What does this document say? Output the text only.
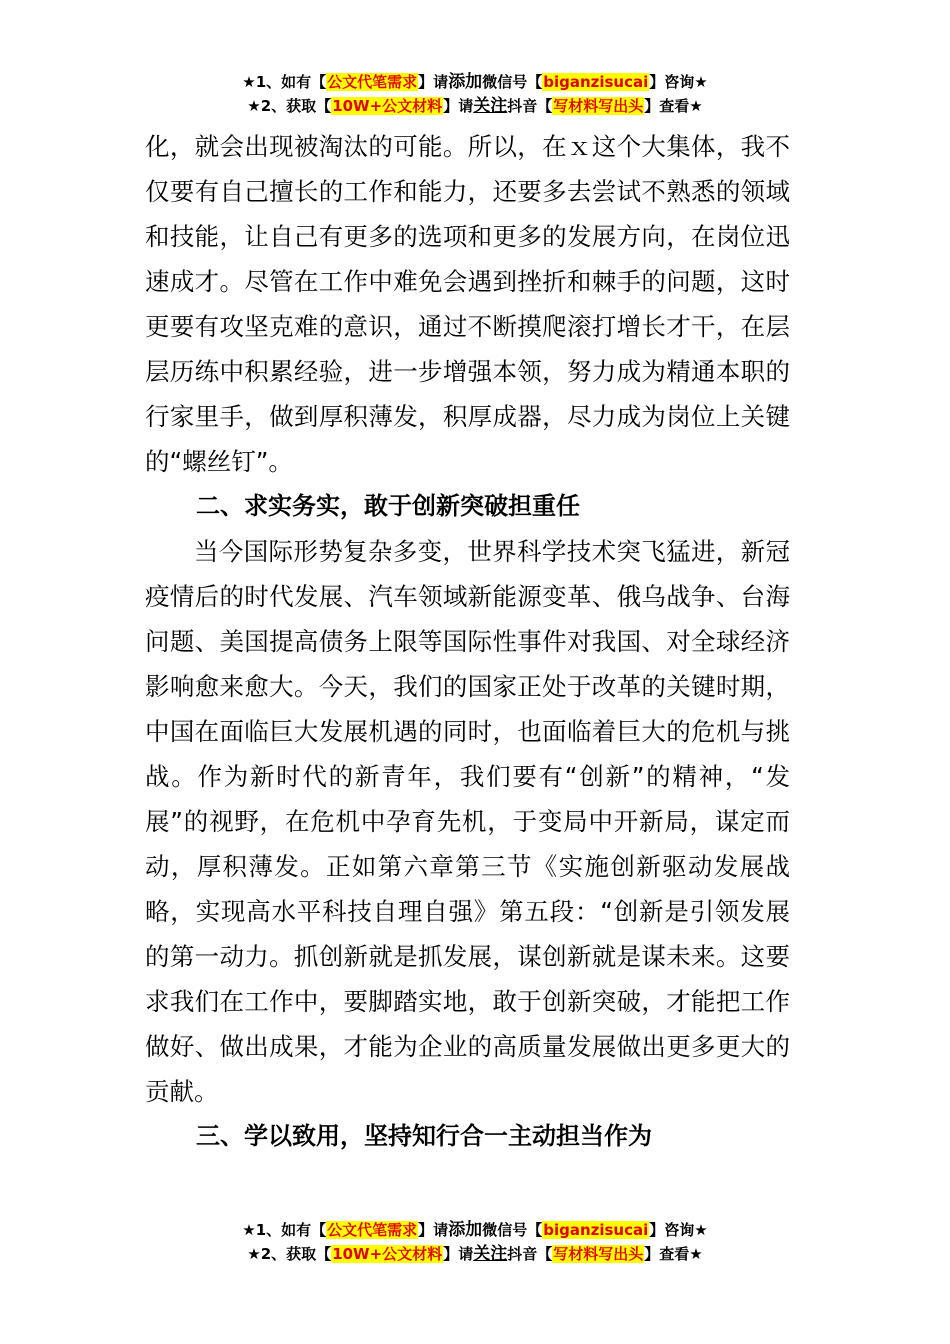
★1、如有【公文代笔需求】请添加微信号【biganzisucai】咨询★
★2、获取【10W+公文材料】请关注抖音【写材料写出头】查看★

化，就会出现被淘汰的可能。所以，在ｘ这个大集体，我不仅要有自己擅长的工作和能力，还要多去尝试不熟悉的领域和技能，让自己有更多的选项和更多的发展方向，在岗位迅速成才。尽管在工作中难免会遇到挫折和棘手的问题，这时更要有攻坚克难的意识，通过不断摸爬滚打增长才干，在层层历练中积累经验，进一步增强本领，努力成为精通本职的行家里手，做到厚积薄发，积厚成器，尽力成为岗位上关键的“螺丝钉”。

二、求实务实，敢于创新突破担重任

当今国际形势复杂多变，世界科学技术突飞猛进，新冠疫情后的时代发展、汽车领域新能源变革、俄乌战争、台海问题、美国提高债务上限等国际性事件对我国、对全球经济影响愈来愈大。今天，我们的国家正处于改革的关键时期，中国在面临巨大发展机遇的同时，也面临着巨大的危机与挑战。作为新时代的新青年，我们要有“创新”的精神，“发展”的视野，在危机中孕育先机，于变局中开新局，谋定而动，厚积薄发。正如第六章第三节《实施创新驱动发展战略，实现高水平科技自理自强》第五段：“创新是引领发展的第一动力。抓创新就是抓发展，谋创新就是谋未来。这要求我们在工作中，要脚踏实地，敢于创新突破，才能把工作做好、做出成果，才能为企业的高质量发展做出更多更大的贡献。

三、学以致用，坚持知行合一主动担当作为

★1、如有【公文代笔需求】请添加微信号【biganzisucai】咨询★
★2、获取【10W+公文材料】请关注抖音【写材料写出头】查看★
